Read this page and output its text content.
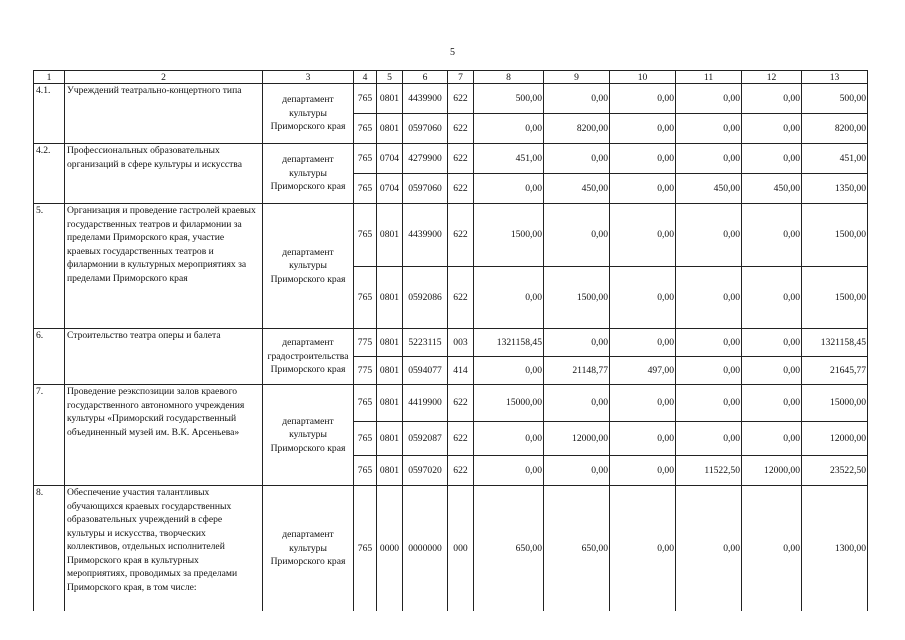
5
1	2	3	4	5	6	7	8	9	10	11	12	13
4.1.	Учреждений театрально-концертного типа	департамент культуры Приморского края	765	0801	4439900	622	500,00	0,00	0,00	0,00	0,00	500,00
			765	0801	0597060	622	0,00	8200,00	0,00	0,00	0,00	8200,00
4.2.	Профессиональных образовательных организаций в сфере культуры и искусства	департамент культуры Приморского края	765	0704	4279900	622	451,00	0,00	0,00	0,00	0,00	451,00
			765	0704	0597060	622	0,00	450,00	0,00	450,00	450,00	1350,00
5.	Организация и проведение гастролей краевых государственных театров и филармонии за пределами Приморского края, участие краевых государственных театров и филармонии в культурных мероприятиях за пределами Приморского края	департамент культуры Приморского края	765	0801	4439900	622	1500,00	0,00	0,00	0,00	0,00	1500,00
			765	0801	0592086	622	0,00	1500,00	0,00	0,00	0,00	1500,00
6.	Строительство театра оперы и балета	департамент градостроительства Приморского края	775	0801	5223115	003	1321158,45	0,00	0,00	0,00	0,00	1321158,45
			775	0801	0594077	414	0,00	21148,77	497,00	0,00	0,00	21645,77
7.	Проведение реэкспозиции залов краевого государственного автономного учреждения культуры «Приморский государственный объединенный музей им. В.К. Арсеньева»	департамент культуры Приморского края	765	0801	4419900	622	15000,00	0,00	0,00	0,00	0,00	15000,00
			765	0801	0592087	622	0,00	12000,00	0,00	0,00	0,00	12000,00
			765	0801	0597020	622	0,00	0,00	0,00	11522,50	12000,00	23522,50
8.	Обеспечение участия талантливых обучающихся краевых государственных образовательных учреждений в сфере культуры и искусства, творческих коллективов, отдельных исполнителей Приморского края в культурных мероприятиях, проводимых за пределами Приморского края, в том числе:	департамент культуры Приморского края	765	0000	0000000	000	650,00	650,00	0,00	0,00	0,00	1300,00
